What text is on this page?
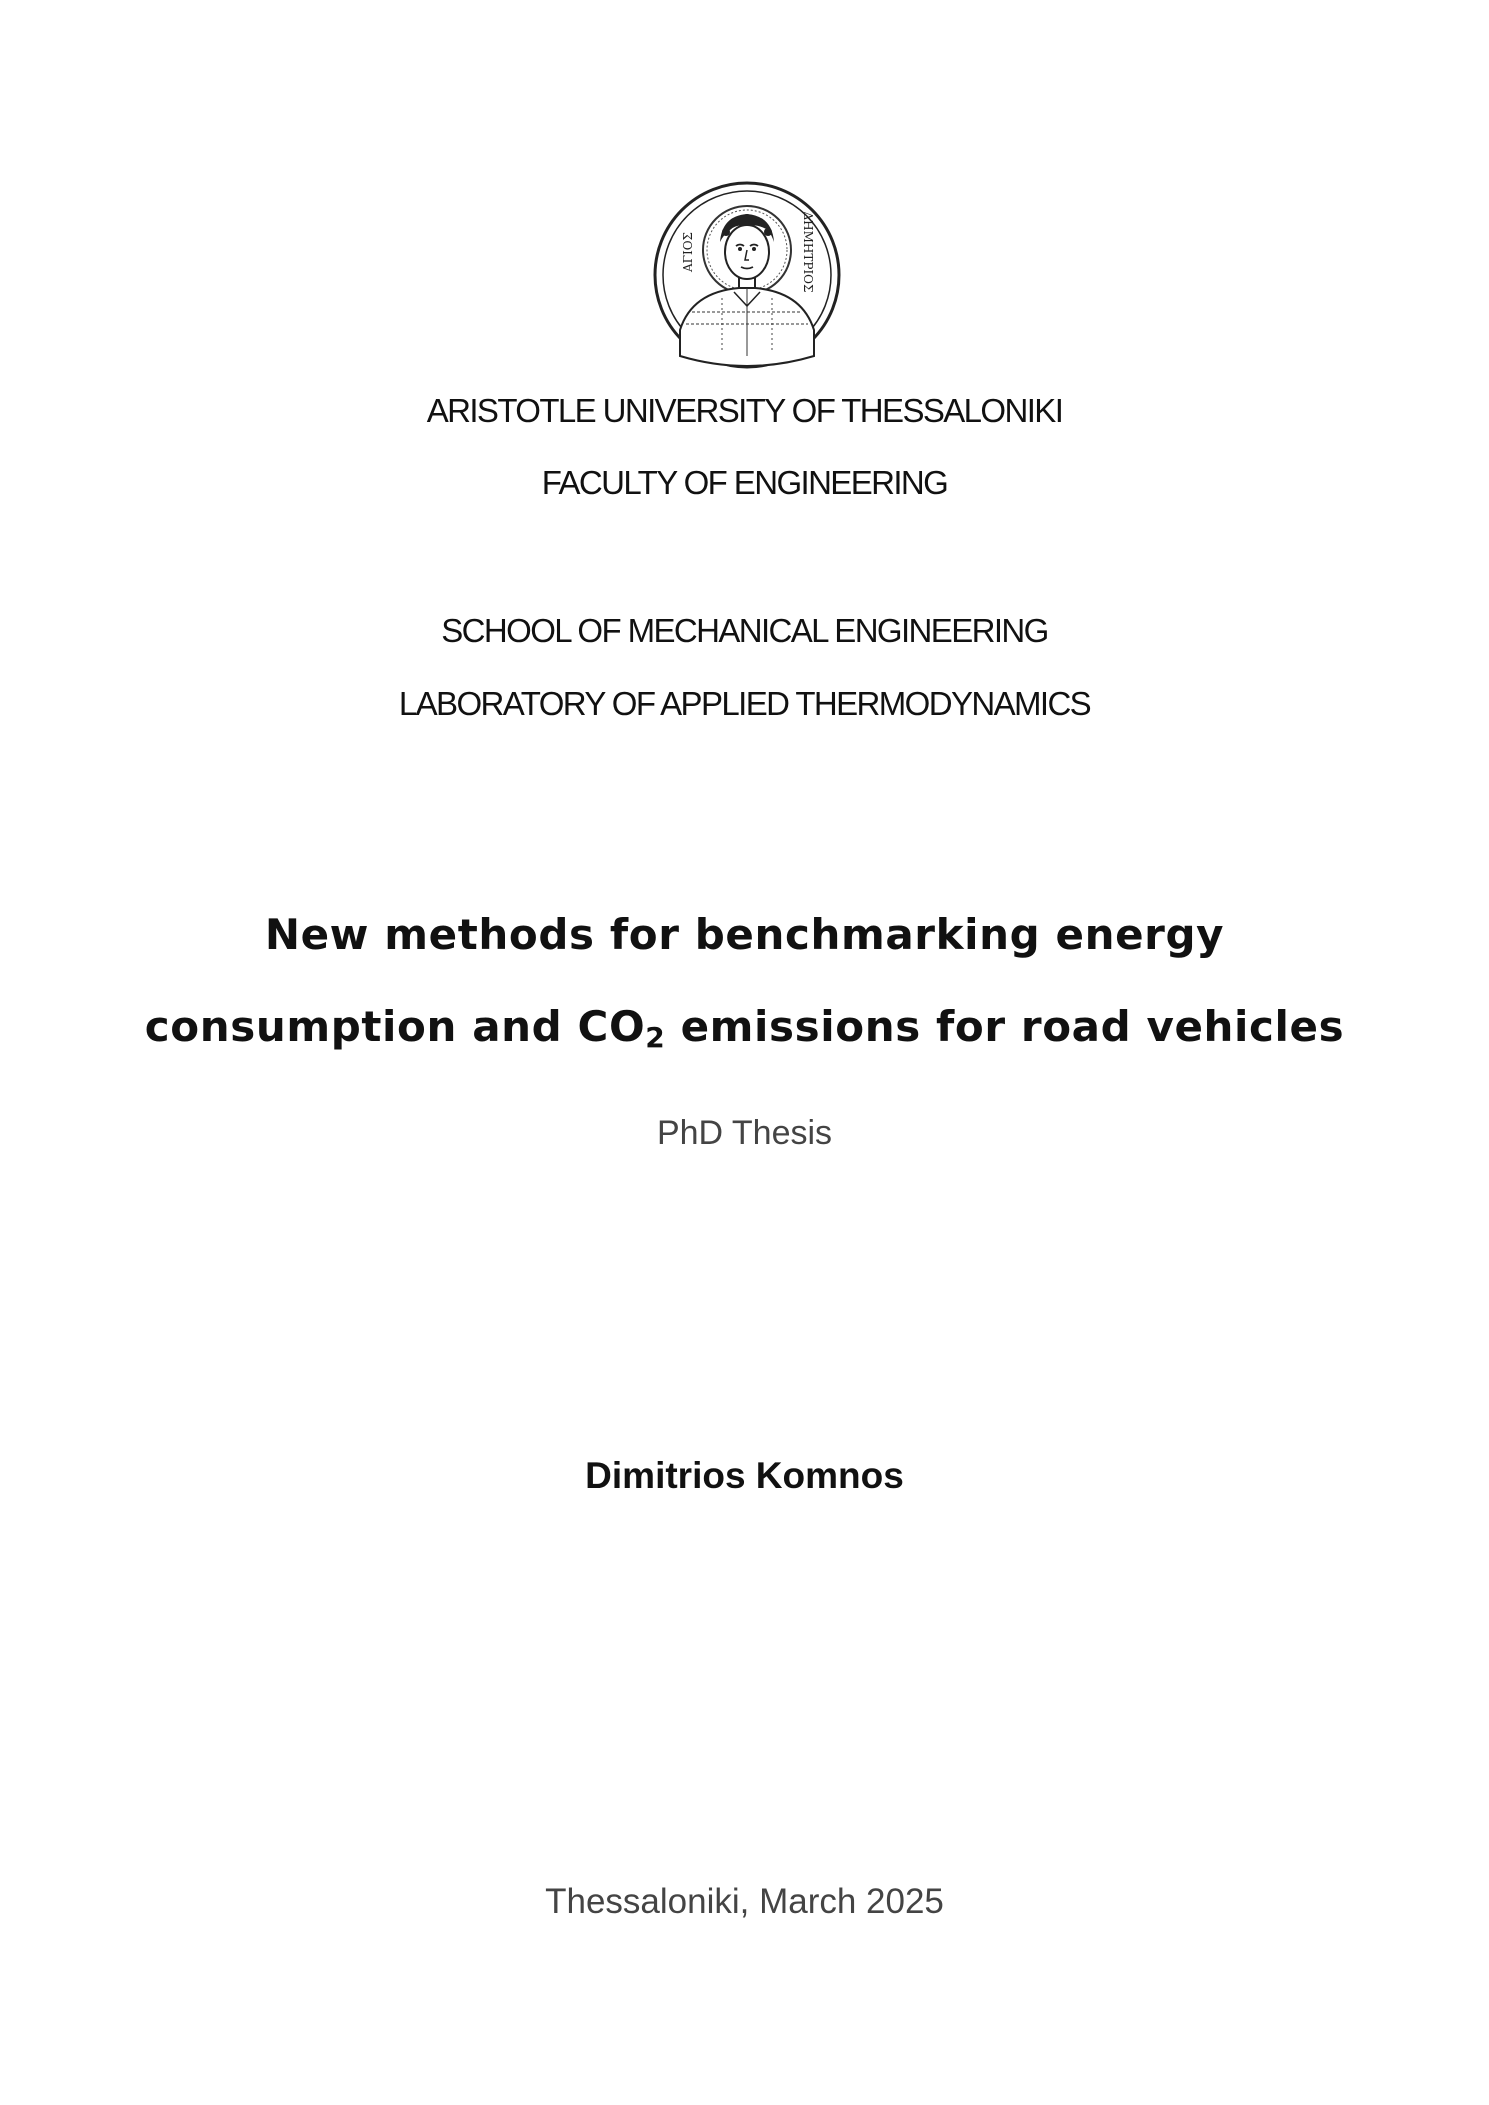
ΑΓΙΟΣ	ΔΗΜΗΤΡΙΟΣ
ARISTOTLE UNIVERSITY OF THESSALONIKI
FACULTY OF ENGINEERING
SCHOOL OF MECHANICAL ENGINEERING
LABORATORY OF APPLIED THERMODYNAMICS
New methods for benchmarking energy
consumption and $CO_2$ emissions for road vehicles
PhD Thesis
Dimitrios Komnos
Thessaloniki, March 2025
